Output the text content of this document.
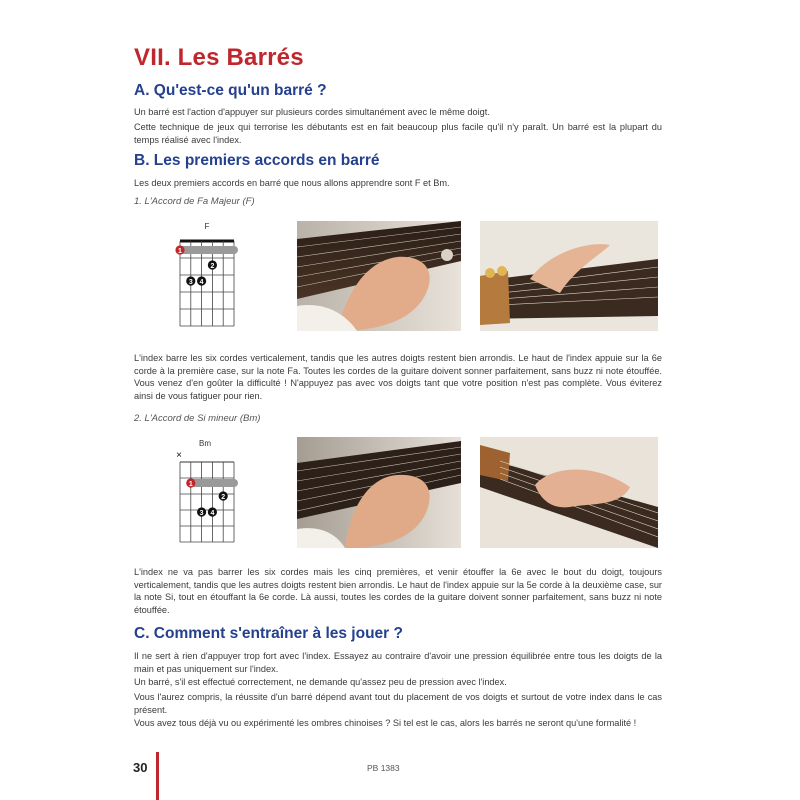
VII. Les Barrés
A. Qu'est-ce qu'un barré ?

Un barré est l'action d'appuyer sur plusieurs cordes simultanément avec le même doigt.

Cette technique de jeux qui terrorise les débutants est en fait beaucoup plus facile qu'il n'y paraît. Un barré est la plupart du temps réalisé avec l'index.

B. Les premiers accords en barré

Les deux premiers accords en barré que nous allons apprendre sont F et Bm.

1. L'Accord de Fa Majeur (F)
F
1
2
3 4

L'index barre les six cordes verticalement, tandis que les autres doigts restent bien arrondis. Le haut de l'index appuie sur la 6e corde à la première case, sur la note Fa. Toutes les cordes de la guitare doivent sonner parfaitement, sans buzz ni note étouffée. Vous venez d'en goûter la difficulté ! N'appuyez pas avec vos doigts tant que votre position n'est pas complète. Vous éviterez ainsi de vous fatiguer pour rien.

2. L'Accord de Si mineur (Bm)
Bm
×
1
2
3 4

L'index ne va pas barrer les six cordes mais les cinq premières, et venir étouffer la 6e avec le bout du doigt, toujours verticalement, tandis que les autres doigts restent bien arrondis. Le haut de l'index appuie sur la 5e corde à la deuxième case, sur la note Si, tout en étouffant la 6e corde. Là aussi, toutes les cordes de la guitare doivent sonner parfaitement, sans buzz ni note étouffée.

C. Comment s'entraîner à les jouer ?

Il ne sert à rien d'appuyer trop fort avec l'index. Essayez au contraire d'avoir une pression équilibrée entre tous les doigts de la main et pas uniquement sur l'index.

Un barré, s'il est effectué correctement, ne demande qu'assez peu de pression avec l'index.

Vous l'aurez compris, la réussite d'un barré dépend avant tout du placement de vos doigts et surtout de votre index dans le cas présent.

Vous avez tous déjà vu ou expérimenté les ombres chinoises ? Si tel est le cas, alors les barrés ne seront qu'une formalité !

30	PB 1383
